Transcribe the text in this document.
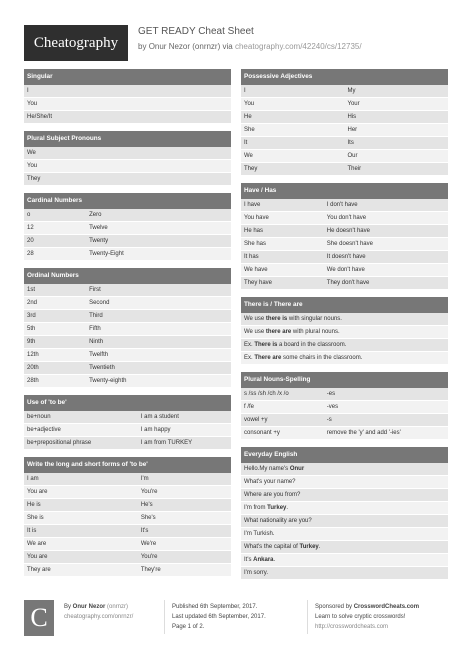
Cheatography
GET READY Cheat Sheet
by Onur Nezor (onrnzr) via cheatography.com/42240/cs/12735/
Singular
I
You
He/She/It
Plural Subject Pronouns
We
You
They
Cardinal Numbers
o	Zero
12	Twelve
20	Twenty
28	Twenty-Eight
Ordinal Numbers
1st	First
2nd	Second
3rd	Third
5th	Fifth
9th	Ninth
12th	Twelfth
20th	Twentieth
28th	Twenty-eighth
Use of 'to be'
be+noun	I am a student
be+adjective	I am happy
be+prepositional phrase	I am from TURKEY
Write the long and short forms of 'to be'
I am	I'm
You are	You're
He is	He's
She is	She's
It is	It's
We are	We're
You are	You're
They are	They're
Possessive Adjectives
I	My
You	Your
He	His
She	Her
It	Its
We	Our
They	Their
Have / Has
I have	I don't have
You have	You don't have
He has	He doesn't have
She has	She doesn't have
It has	It doesn't have
We have	We don't have
They have	They don't have
There is / There are
We use there is with singular nouns.
We use there are with plural nouns.
Ex. There is a board in the classroom.
Ex. There are some chairs in the classroom.
Plural Nouns-Spelling
s /ss /sh /ch /x /o	-es
f /fe	-ves
vowel +y	-s
consonant +y	remove the 'y' and add '-ies'
Everyday English
Hello.My name's Onur
What's your name?
Where are you from?
I'm from Turkey.
What nationality are you?
I'm Turkish.
What's the capital of Turkey.
It's Ankara.
I'm sorry.
C	By Onur Nezor (onrnzr)
cheatography.com/onrnzr/
Published 6th September, 2017.
Last updated 6th September, 2017.
Page 1 of 2.
Sponsored by CrosswordCheats.com
Learn to solve cryptic crosswords!
http://crosswordcheats.com
